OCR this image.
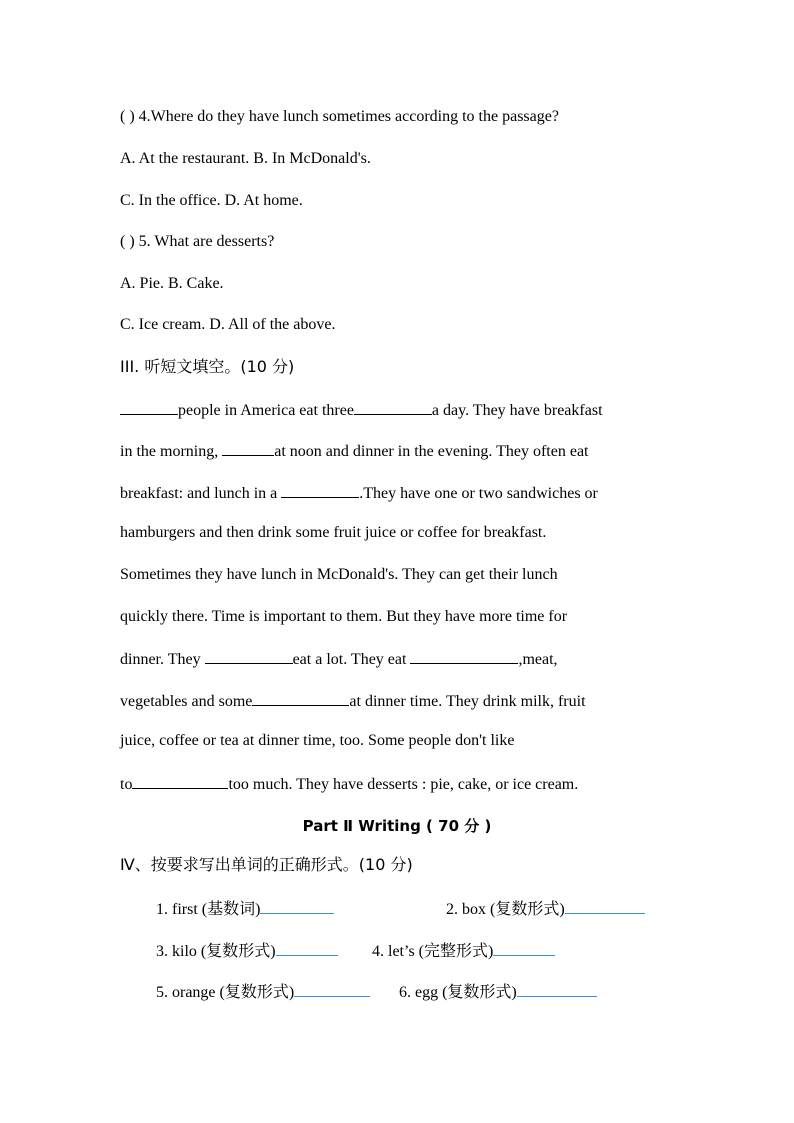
( ) 4.Where do they have lunch sometimes according to the passage?
A. At the restaurant. B. In McDonald's.
C. In the office. D. At home.
( ) 5. What are desserts?
A. Pie. B. Cake.
C. Ice cream. D. All of the above.
III. 听短文填空。(10 分)
people in America eat three	a day. They have breakfast
in the morning,	at noon and dinner in the evening. They often eat
breakfast: and lunch in a	.They have one or two sandwiches or
hamburgers and then drink some fruit juice or coffee for breakfast.
Sometimes they have lunch in McDonald's. They can get their lunch
quickly there. Time is important to them. But they have more time for
dinner. They	eat a lot. They eat	,meat,
vegetables and some	at dinner time. They drink milk, fruit
juice, coffee or tea at dinner time, too. Some people don't like
to	too much. They have desserts : pie, cake, or ice cream.
Part Ⅱ Writing ( 70 分 )
Ⅳ、按要求写出单词的正确形式。(10 分)
1. first (基数词)	2. box (复数形式)
3. kilo (复数形式)	4. let’s (完整形式)
5. orange (复数形式)	6. egg (复数形式)
